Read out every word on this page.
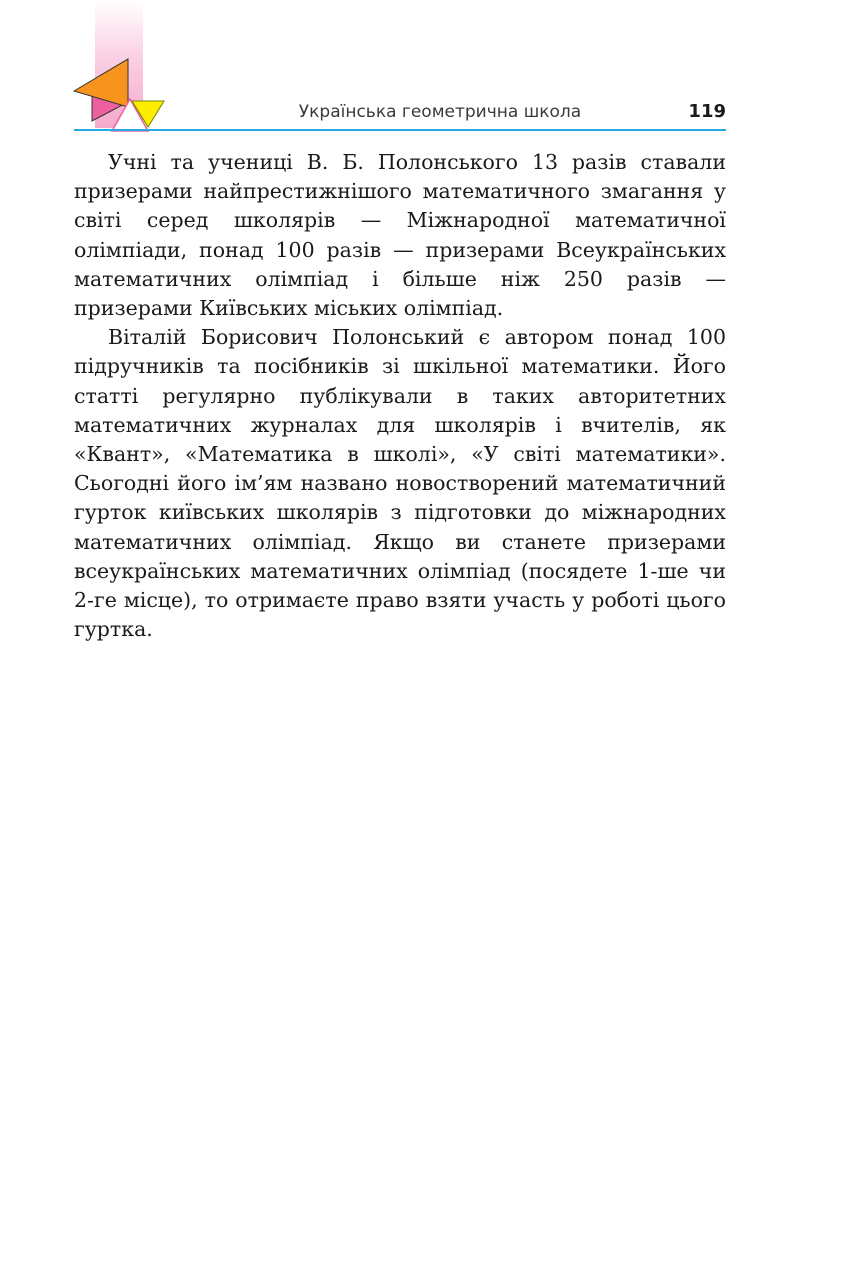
Українська геометрична школа	119

Учні та учениці В. Б. Полонського 13 разів ставали призерами найпрестижнішого математичного змагання у світі серед школярів — Міжнародної математичної олімпіади, понад 100 разів — призерами Всеукраїнських математичних олімпіад і більше ніж 250 разів — призерами Київських міських олімпіад.

Віталій Борисович Полонський є автором понад 100 підручників та посібників зі шкільної математики. Його статті регулярно публікували в таких авторитетних математичних журналах для школярів і вчителів, як «Квант», «Математика в школі», «У світі математики». Сьогодні його ім’ям названо новостворений математичний гурток київських школярів з підготовки до міжнародних математичних олімпіад. Якщо ви станете призерами всеукраїнських математичних олімпіад (посядете 1-ше чи 2-ге місце), то отримаєте право взяти участь у роботі цього гуртка.
